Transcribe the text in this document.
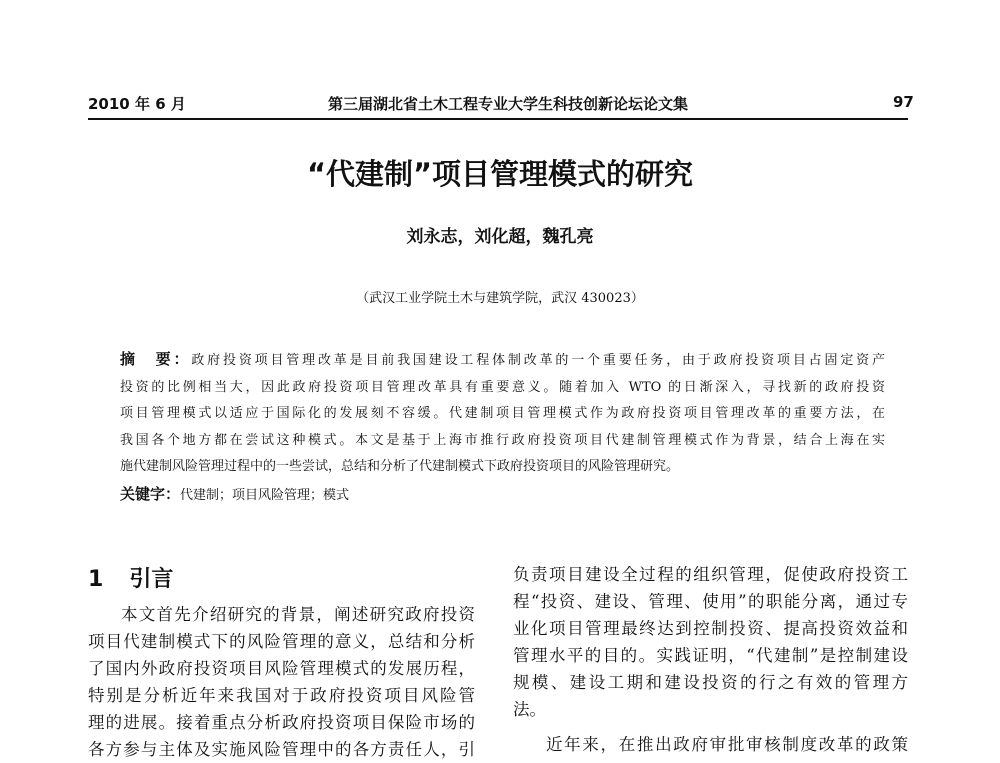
2010 年 6 月	第三届湖北省土木工程专业大学生科技创新论坛论文集	97
“代建制”项目管理模式的研究
刘永志，刘化超，魏孔亮
（武汉工业学院土木与建筑学院，武汉 430023）
摘　要：政府投资项目管理改革是目前我国建设工程体制改革的一个重要任务，由于政府投资项目占固定资产
投资的比例相当大，因此政府投资项目管理改革具有重要意义。随着加入 WTO 的日渐深入，寻找新的政府投资
项目管理模式以适应于国际化的发展刻不容缓。代建制项目管理模式作为政府投资项目管理改革的重要方法，在
我国各个地方都在尝试这种模式。本文是基于上海市推行政府投资项目代建制管理模式作为背景，结合上海在实
施代建制风险管理过程中的一些尝试，总结和分析了代建制模式下政府投资项目的风险管理研究。
关键字：代建制；项目风险管理；模式
1 引言
本文首先介绍研究的背景，阐述研究政府投资
项目代建制模式下的风险管理的意义，总结和分析
了国内外政府投资项目风险管理模式的发展历程，
特别是分析近年来我国对于政府投资项目风险管
理的进展。接着重点分析政府投资项目保险市场的
各方参与主体及实施风险管理中的各方责任人，引
负责项目建设全过程的组织管理，促使政府投资工
程“投资、建设、管理、使用”的职能分离，通过专
业化项目管理最终达到控制投资、提高投资效益和
管理水平的目的。实践证明，“代建制”是控制建设
规模、建设工期和建设投资的行之有效的管理方
法。
近年来，在推出政府审批审核制度改革的政策
